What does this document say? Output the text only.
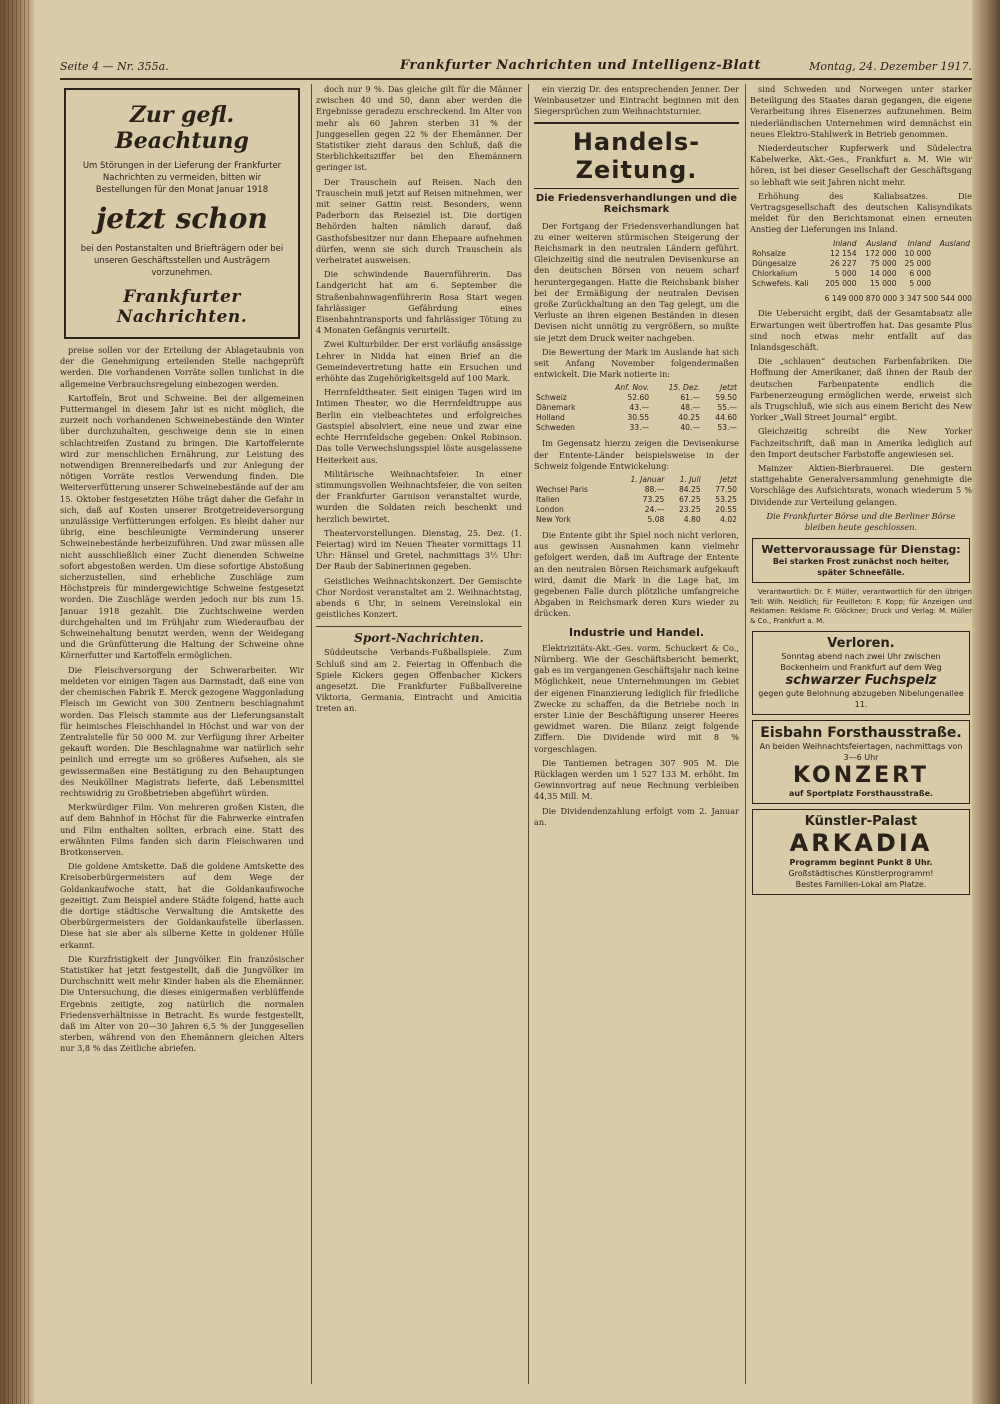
Seite 4 — Nr. 355a.	Frankfurter Nachrichten und Intelligenz-Blatt	Montag, 24. Dezember 1917.
Zur gefl. Beachtung
Um Störungen in der Lieferung der Frankfurter Nachrichten zu vermeiden, bitten wir Bestellungen für den Monat Januar 1918
jetzt schon
bei den Postanstalten und Briefträgern oder bei unseren Geschäftsstellen und Austrägern vorzunehmen.
Frankfurter Nachrichten.

preise sollen vor der Erteilung der Ablagetaubnis von der die Genehmigung erteilenden Stelle nachgeprüft werden. Die vorhandenen Vorräte sollen tunlichst in die allgemeine Verbrauchsregelung einbezogen werden.

Kartoffeln, Brot und Schweine. Bei der allgemeinen Futtermangel in diesem Jahr ist es nicht möglich, die zurzeit noch vorhandenen Schweinebestände den Winter über durchzuhalten, geschweige denn sie in einen schlachtreifen Zustand zu bringen. Die Kartoffelernte wird zur menschlichen Ernährung, zur Leistung des notwendigen Brennereibedarfs und zur Anlegung der nötigen Vorräte restlos Verwendung finden. Die Weiterverfütterung unserer Schweinebestände auf der am 15. Oktober festgesetzten Höhe trägt daher die Gefahr in sich, daß auf Kosten unserer Brotgetreideversorgung unzulässige Verfütterungen erfolgen. Es bleibt daher nur übrig, eine beschleunigte Verminderung unserer Schweinebestände herbeizuführen. Und zwar müssen alle nicht ausschließlich einer Zucht dienenden Schweine sofort abgestoßen werden. Um diese sofortige Abstoßung sicherzustellen, sind erhebliche Zuschläge zum Höchstpreis für mindergewichtige Schweine festgesetzt worden. Die Zuschläge werden jedoch nur bis zum 15. Januar 1918 gezahlt. Die Zuchtschweine werden durchgehalten und im Frühjahr zum Wiederaufbau der Schweinehaltung benutzt werden, wenn der Weidegang und die Grünfütterung die Haltung der Schweine ohne Körnerfutter und Kartoffeln ermöglichen.

Die Fleischversorgung der Schwerarbeiter. Wir meldeten vor einigen Tagen aus Darmstadt, daß eine von der chemischen Fabrik E. Merck gezogene Waggonladung Fleisch im Gewicht von 300 Zentnern beschlagnahmt worden. Das Fleisch stammte aus der Lieferungsanstalt für heimisches Fleischhandel in Höchst und war von der Zentralstelle für 50 000 M. zur Verfügung ihrer Arbeiter gekauft worden. Die Beschlagnahme war natürlich sehr peinlich und erregte um so größeres Aufsehen, als sie gewissermaßen eine Bestätigung zu den Behauptungen des Neuköllner Magistrats lieferte, daß Lebensmittel rechtswidrig zu Großbetrieben abgeführt würden.

Merkwürdiger Film. Von mehreren großen Kisten, die auf dem Bahnhof in Höchst für die Fahrwerke eintrafen und Film enthalten sollten, erbrach eine. Statt des erwähnten Films fanden sich darin Fleischwaren und Brotkonserven.

Die goldene Amtskette. Daß die goldene Amtskette des Kreisoberbürgermeisters auf dem Wege der Goldankaufwoche statt, hat die Goldankaufswoche gezeitigt. Zum Beispiel andere Städte folgend, hatte auch die dortige städtische Verwaltung die Amtskette des Oberbürgermeisters der Goldankaufstelle überlassen. Diese hat sie aber als silberne Kette in goldener Hülle erkannt.

Die Kurzfristigkeit der Jungvölker. Ein französischer Statistiker hat jetzt festgestellt, daß die Jungvölker im Durchschnitt weit mehr Kinder haben als die Ehemänner. Die Untersuchung, die dieses einigermaßen verblüffende Ergebnis zeitigte, zog natürlich die normalen Friedensverhältnisse in Betracht. Es wurde festgestellt, daß im Alter von 20—30 Jahren 6,5 % der Junggesellen sterben, während von den Ehemännern gleichen Alters nur 3,8 % das Zeitliche abriefen.

doch nur 9 %. Das gleiche gilt für die Männer zwischen 40 und 50, dann aber werden die Ergebnisse geradezu erschreckend. Im Alter von mehr als 60 Jahren sterben 31 % der Junggesellen gegen 22 % der Ehemänner. Der Statistiker zieht daraus den Schluß, daß die Sterblichkeitsziffer bei den Ehemännern geringer ist.

Der Trauschein auf Reisen. Nach den Trauschein muß jetzt auf Reisen mitnehmen, wer mit seiner Gattin reist. Besonders, wenn Paderborn das Reiseziel ist. Die dortigen Behörden halten nämlich darauf, daß Gasthofsbesitzer nur dann Ehepaare aufnehmen dürfen, wenn sie sich durch Trauschein als verheiratet ausweisen.

Die schwindende Bauernführerin. Das Landgericht hat am 6. September die Straßenbahnwagenführerin Rosa Start wegen fahrlässiger Gefährdung eines Eisenbahntransports und fahrlässiger Tötung zu 4 Monaten Gefängnis verurteilt.

Zwei Kulturbilder. Der erst vorläufig ansässige Lehrer in Nidda hat einen Brief an die Gemeindevertretung hatte ein Ersuchen und erhöhte das Zugehörigkeitsgeld auf 100 Mark.

Herrnfeldtheater. Seit einigen Tagen wird im Intimen Theater, wo die Herrnfeldtruppe aus Berlin ein vielbeachtetes und erfolgreiches Gastspiel absolviert, eine neue und zwar eine echte Herrnfeldsche gegeben: Onkel Robinson. Das tolle Verwechslungsspiel löste ausgelassene Heiterkeit aus.

Militärische Weihnachtsfeier. In einer stimmungsvollen Weihnachtsfeier, die von seiten der Frankfurter Garnison veranstaltet wurde, wurden die Soldaten reich beschenkt und herzlich bewirtet.

Theatervorstellungen. Dienstag, 25. Dez. (1. Feiertag) wird im Neuen Theater vormittags 11 Uhr: Hänsel und Gretel, nachmittags 3½ Uhr: Der Raub der Sabinerinnen gegeben.

Geistliches Weihnachtskonzert. Der Gemischte Chor Nordost veranstaltet am 2. Weihnachtstag, abends 6 Uhr, in seinem Vereinslokal ein geistliches Konzert.

Sport-Nachrichten.

Süddeutsche Verbands-Fußballspiele. Zum Schluß sind am 2. Feiertag in Offenbach die Spiele Kickers gegen Offenbacher Kickers angesetzt. Die Frankfurter Fußballvereine Viktoria, Germania, Eintracht und Amicitia treten an.

ein vierzig Dr. des entsprechenden Jenner. Der Weinbausetzer und Eintracht beginnen mit den Siegersprüchen zum Weihnachtsturnier.

Handels-Zeitung.
Die Friedensverhandlungen und die Reichsmark

Der Fortgang der Friedensverhandlungen hat zu einer weiteren stürmischen Steigerung der Reichsmark in den neutralen Ländern geführt. Gleichzeitig sind die neutralen Devisenkurse an den deutschen Börsen von neuem scharf heruntergegangen. Hatte die Reichsbank bisher bei der Ermäßigung der neutralen Devisen große Zurückhaltung an den Tag gelegt, um die Verluste an ihren eigenen Beständen in diesen Devisen nicht unnötig zu vergrößern, so mußte sie jetzt dem Druck weiter nachgeben.

Die Bewertung der Mark im Auslande hat sich seit Anfang November folgendermaßen entwickelt. Die Mark notierte in:

	Anf. Nov.	15. Dez.	Jetzt
Schweiz	52.60	61.—	59.50
Dänemark	43.—	48.—	55.—
Holland	30.55	40.25	44.60
Schweden	33.—	40.—	53.—

Im Gegensatz hierzu zeigen die Devisenkurse der Entente-Länder beispielsweise in der Schweiz folgende Entwickelung:

	1. Januar	1. Juli	Jetzt
Wechsel Paris	88.—	84.25	77.50
Italien	73.25	67.25	53.25
London	24.—	23.25	20.55
New York	5.08	4.80	4.02

Die Entente gibt ihr Spiel noch nicht verloren, aus gewissen Ausnahmen kann vielmehr gefolgert werden, daß im Auftrage der Entente an den neutralen Börsen Reichsmark aufgekauft wird, damit die Mark in die Lage hat, im gegebenen Falle durch plötzliche umfangreiche Abgaben in Reichsmark deren Kurs wieder zu drücken.

Industrie und Handel.

Elektrizitäts-Akt.-Ges. vorm. Schuckert & Co., Nürnberg. Wie der Geschäftsbericht bemerkt, gab es im vergangenen Geschäftsjahr nach keine Möglichkeit, neue Unternehmungen im Gebiet der eigenen Finanzierung lediglich für friedliche Zwecke zu schaffen, da die Betriebe noch in erster Linie der Beschäftigung unserer Heeres gewidmet waren. Die Bilanz zeigt folgende Ziffern. Die Dividende wird mit 8 % vorgeschlagen.

Die Tantiemen betragen 307 905 M. Die Rücklagen werden um 1 527 133 M. erhöht. Im Gewinnvortrag auf neue Rechnung verbleiben 44,35 Mill. M.

Die Dividendenzahlung erfolgt vom 2. Januar an.

sind Schweden und Norwegen unter starker Beteiligung des Staates daran gegangen, die eigene Verarbeitung ihres Eisenerzes aufzunehmen. Beim niederländischen Unternehmen wird demnächst ein neues Elektro-Stahlwerk in Betrieb genommen.

Niederdeutscher Kupferwerk und Südelectra Kabelwerke, Akt.-Ges., Frankfurt a. M. Wie wir hören, ist bei dieser Gesellschaft der Geschäftsgang so lebhaft wie seit Jahren nicht mehr.

Erhöhung des Kaliabsatzes. Die Vertragsgesellschaft des deutschen Kalisyndikats meldet für den Berichtsmonat einen erneuten Anstieg der Lieferungen ins Inland.

	Inland	Ausland	Inland	Ausland
Rohsalze	12 154	172 000	10 000	
Düngesalze	26 227	75 000	25 000	
Chlorkalium	5 000	14 000	6 000	
Schwefels. Kali	205 000	15 000	5 000	
6 149 000 870 000 3 347 500 544 000

Die Uebersicht ergibt, daß der Gesamtabsatz alle Erwartungen weit übertroffen hat. Das gesamte Plus sind noch etwas mehr entfallt auf das Inlandsgeschäft.

Die „schlauen“ deutschen Farbenfabriken. Die Hoffnung der Amerikaner, daß ihnen der Raub der deutschen Farbenpatente endlich die Farbenerzeugung ermöglichen werde, erweist sich als Trugschluß, wie sich aus einem Bericht des New Yorker „Wall Street Journal“ ergibt.

Gleichzeitig schreibt die New Yorker Fachzeitschrift, daß man in Amerika lediglich auf den Import deutscher Farbstoffe angewiesen sei.

Mainzer Aktien-Bierbrauerei. Die gestern stattgehabte Generalversammlung genehmigte die Vorschläge des Aufsichtsrats, wonach wiederum 5 % Dividende zur Verteilung gelangen.

Die Frankfurter Börse und die Berliner Börse bleiben heute geschlossen.

Wettervoraussage für Dienstag:
Bei starken Frost zunächst noch heiter, später Schneefälle.

Verantwortlich: Dr. F. Müller, verantwortlich für den übrigen Teil: Wilh. Neidlich; für Feuilleton: F. Kopp; für Anzeigen und Reklamen: Reklame Fr. Glöckner; Druck und Verlag: M. Müller & Co., Frankfurt a. M.

Verloren.
Sonntag abend nach zwei Uhr zwischen Bockenheim und Frankfurt auf dem Weg
schwarzer Fuchspelz
gegen gute Belohnung abzugeben Nibelungenallee 11.
Eisbahn Forsthausstraße.
An beiden Weihnachtsfeiertagen, nachmittags von 3—6 Uhr
KONZERT
auf Sportplatz Forsthausstraße.
Künstler-Palast
ARKADIA
Programm beginnt Punkt 8 Uhr.
Großstädtisches Künstlerprogramm!
Bestes Familien-Lokal am Platze.
